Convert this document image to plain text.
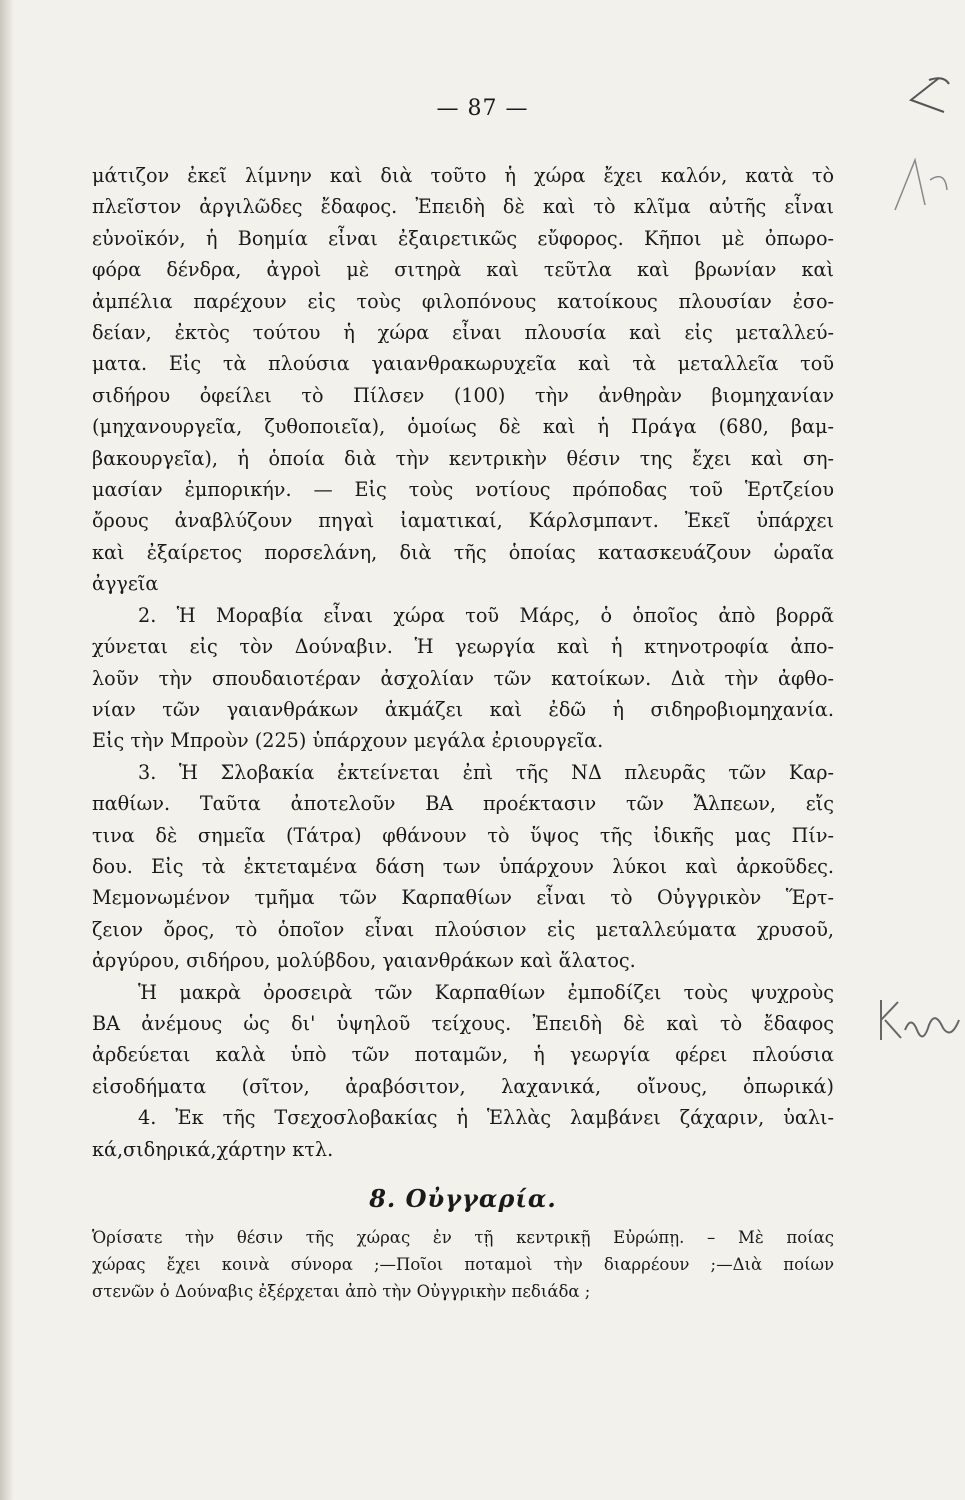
— 87 —
μάτιζον ἐκεῖ λίμνην καὶ διὰ τοῦτο ἡ χώρα ἔχει καλόν, κατὰ τὸ
πλεῖστον ἀργιλῶδες ἔδαφος. Ἐπειδὴ δὲ καὶ τὸ κλῖμα αὐτῆς εἶναι
εὐνοϊκόν, ἡ Βοημία εἶναι ἐξαιρετικῶς εὔφορος. Κῆποι μὲ ὀπωρο-
φόρα δένδρα, ἀγροὶ μὲ σιτηρὰ καὶ τεῦτλα καὶ βρωνίαν καὶ
ἀμπέλια παρέχουν εἰς τοὺς φιλοπόνους κατοίκους πλουσίαν ἐσο-
δείαν, ἐκτὸς τούτου ἡ χώρα εἶναι πλουσία καὶ εἰς μεταλλεύ-
ματα. Εἰς τὰ πλούσια γαιανθρακωρυχεῖα καὶ τὰ μεταλλεῖα τοῦ
σιδήρου ὀφείλει τὸ Πίλσεν (100) τὴν ἀνθηρὰν βιομηχανίαν
(μηχανουργεῖα, ζυθοποιεῖα), ὁμοίως δὲ καὶ ἡ Πράγα (680, βαμ-
βακουργεῖα), ἡ ὁποία διὰ τὴν κεντρικὴν θέσιν της ἔχει καὶ ση-
μασίαν ἐμπορικήν. — Εἰς τοὺς νοτίους πρόποδας τοῦ Ἑρτζείου
ὄρους ἀναβλύζουν πηγαὶ ἰαματικαί, Κάρλσμπαντ. Ἐκεῖ ὑπάρχει
καὶ ἐξαίρετος πορσελάνη, διὰ τῆς ὁποίας κατασκευάζουν ὡραῖα
ἀγγεῖα
2. Ἡ Μοραβία εἶναι χώρα τοῦ Μάρς, ὁ ὁποῖος ἀπὸ βορρᾶ
χύνεται εἰς τὸν Δούναβιν. Ἡ γεωργία καὶ ἡ κτηνοτροφία ἀπο-
λοῦν τὴν σπουδαιοτέραν ἀσχολίαν τῶν κατοίκων. Διὰ τὴν ἀφθο-
νίαν τῶν γαιανθράκων ἀκμάζει καὶ ἐδῶ ἡ σιδηροβιομηχανία.
Εἰς τὴν Μπροὺν (225) ὑπάρχουν μεγάλα ἐριουργεῖα.
3. Ἡ Σλοβακία ἐκτείνεται ἐπὶ τῆς ΝΔ πλευρᾶς τῶν Καρ-
παθίων. Ταῦτα ἀποτελοῦν ΒΑ πρoέκτασιν τῶν Ἄλπεων, εἴς
τινα δὲ σημεῖα (Τάτρα) φθάνουν τὸ ὕψος τῆς ἰδικῆς μας Πίν-
δου. Εἰς τὰ ἐκτεταμένα δάση των ὑπάρχουν λύκοι καὶ ἀρκοῦδες.
Μεμονωμένον τμῆμα τῶν Καρπαθίων εἶναι τὸ Οὐγγρικὸν Ἕρτ-
ζειον ὄρος, τὸ ὁποῖον εἶναι πλούσιον εἰς μεταλλεύματα χρυσοῦ,
ἀργύρου, σιδήρου, μολύβδου, γαιανθράκων καὶ ἅλατος.
Ἡ μακρὰ ὀροσειρὰ τῶν Καρπαθίων ἐμποδίζει τοὺς ψυχροὺς
ΒΑ ἀνέμους ὡς δι' ὑψηλοῦ τείχους. Ἐπειδὴ δὲ καὶ τὸ ἔδαφος
ἀρδεύεται καλὰ ὑπὸ τῶν ποταμῶν, ἡ γεωργία φέρει πλούσια
εἰσοδήματα (σῖτον, ἀραβόσιτον, λαχανικά, οἴνους, ὀπωρικά)
4. Ἐκ τῆς Τσεχοσλοβακίας ἡ Ἑλλὰς λαμβάνει ζάχαριν, ὑαλι-
κά,σιδηρικά,χάρτην κτλ.
8. Οὐγγαρία.
Ὁρίσατε τὴν θέσιν τῆς χώρας ἐν τῇ κεντρικῇ Εὐρώπῃ. – Μὲ ποίας
χώρας ἔχει κοινὰ σύνορα ;—Ποῖοι ποταμοὶ τὴν διαρρέουν ;—Διὰ ποίων
στενῶν ὁ Δούναβις ἐξέρχεται ἀπὸ τὴν Οὐγγρικὴν πεδιάδα ;
